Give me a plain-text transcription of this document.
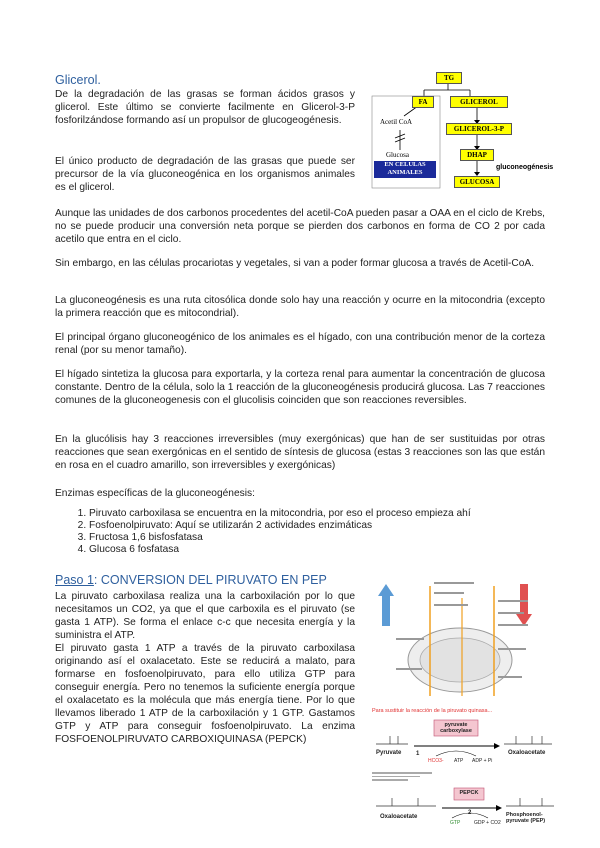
Glicerol.

De la degradación de las grasas se forman ácidos grasos y glicerol. Este último se convierte facilmente en Glicerol-3-P fosforilzándose formando así un propulsor de glucogeogénesis.

El único producto de degradación de las grasas que puede ser precursor de la vía gluconeogénica en los organismos animales es el glicerol.

TG
FA	GLICEROL
Acetil CoA
GLICEROL-3-P
Glucosa	DHAP
EN CELULAS ANIMALES
gluconeogénesis
GLUCOSA

Aunque las unidades de dos carbonos procedentes del acetil-CoA pueden pasar a OAA en el ciclo de Krebs, no se puede producir una conversión neta porque se pierden dos carbonos en forma de CO 2 por cada acetilo que entra en el ciclo.

Sin embargo, en las células procariotas y vegetales, si van a poder formar glucosa a través de Acetil-CoA.

La gluconeogénesis es una ruta citosólica donde solo hay una reacción y ocurre en la mitocondria (excepto la primera reacción que es mitocondrial).

El principal órgano gluconeogénico de los animales es el hígado, con una contribución menor de la corteza renal (por su menor tamaño).

El hígado sintetiza la glucosa para exportarla, y la corteza renal para aumentar la concentración de glucosa constante. Dentro de la célula, solo la 1 reacción de la gluconeogénesis producirá glucosa. Las 7 reacciones comunes de la gluconeogenesis con el glucolisis coinciden que son reacciones reversibles.

En la glucólisis hay 3 reacciones irreversibles (muy exergónicas) que han de ser sustituidas por otras reacciones que sean exergónicas en el sentido de síntesis de glucosa (estas 3 reacciones son las que están en rosa en el cuadro amarillo, son irreversibles y exergónicas)

Enzimas específicas de la gluconeogénesis:

1. Piruvato carboxilasa se encuentra en la mitocondria, por eso el proceso empieza ahí
2. Fosfoenolpiruvato: Aquí se utilizarán 2 actividades enzimáticas
3. Fructosa 1,6 bisfosfatasa
4. Glucosa 6 fosfatasa
Paso 1: CONVERSION DEL PIRUVATO EN PEP

La piruvato carboxilasa realiza una la carboxilación por lo que necesitamos un CO2, ya que el que carboxila es el piruvato (se gasta 1 ATP). Se forma el enlace c-c que necesita energía y la suministra el ATP.

El piruvato gasta 1 ATP a través de la piruvato carboxilasa originando así el oxalacetato. Este se reducirá a malato, para formarse en fosfoenolpiruvato, para ello utiliza GTP para conseguir energía. Pero no tenemos la suficiente energía porque el oxalacetato es la molécula que más energía tiene. Por lo que llevamos liberado 1 ATP de la carboxilación y 1 GTP. Gastamos GTP y ATP para conseguir fosfoenolpiruvato. La enzima FOSFOENOLPIRUVATO CARBOXIQUINASA (PEPCK)

Para sustituir la reacción de la piruvato quinasa...
pyruvate carboxylase
1
Pyruvate	Oxaloacetate
HCO3- ATP ADP + Pi
PEPCK
2
Oxaloacetate	Phosphoenol-pyruvate (PEP)
GTP	GDP + CO2
